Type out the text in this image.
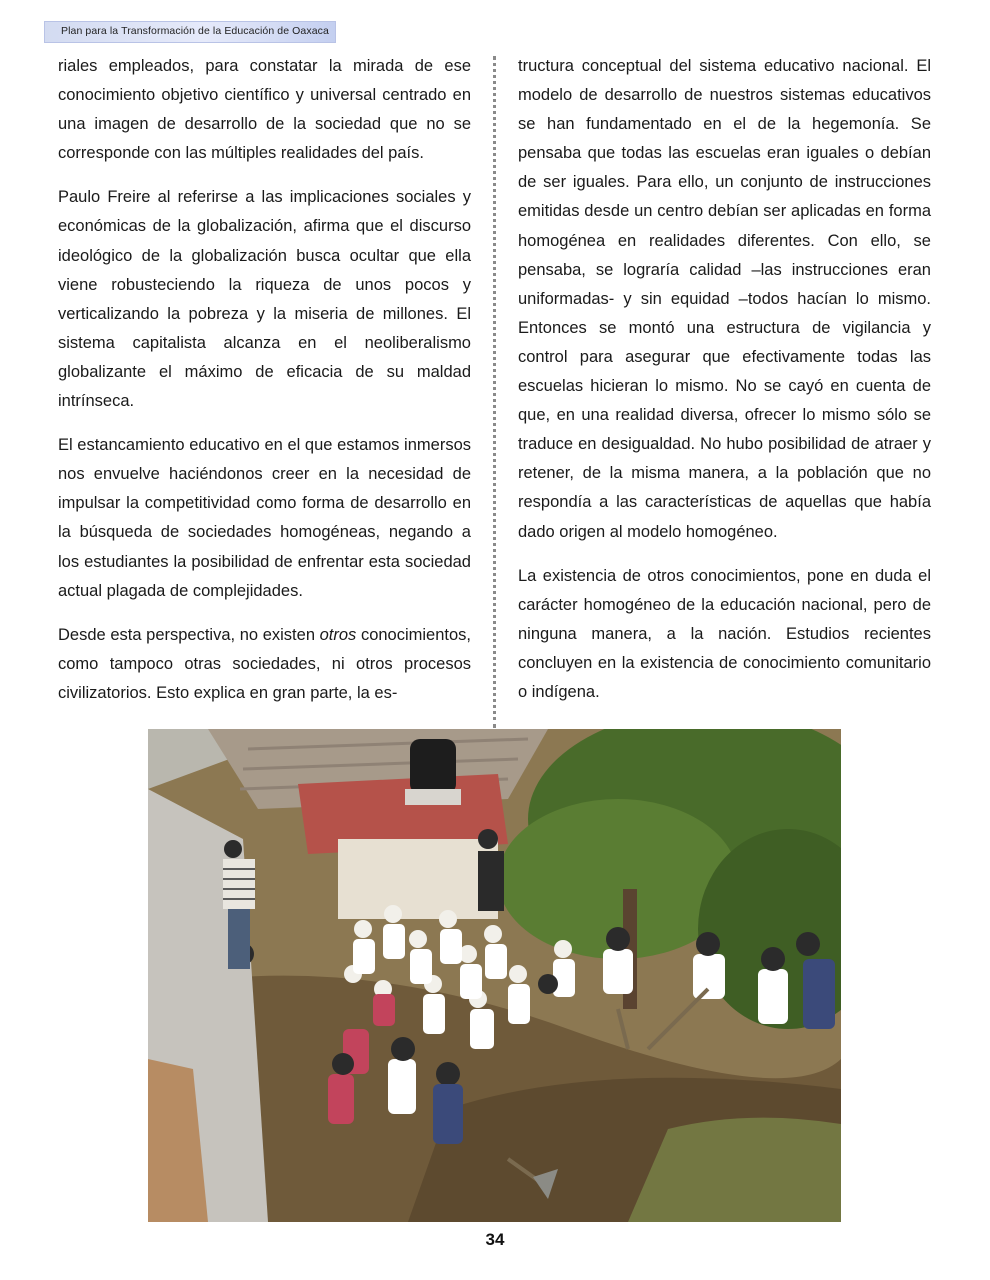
Plan para la Transformación de la Educación de Oaxaca

riales empleados, para constatar la mirada de ese conocimiento objetivo científico y universal centrado en una imagen de desarrollo de la sociedad que no se corresponde con las múltiples realidades del país.

Paulo Freire al referirse a las implicaciones sociales y económicas de la globalización, afirma que el discurso ideológico de la globalización busca ocultar que ella viene robusteciendo la riqueza de unos pocos y verticalizando la pobreza y la miseria de millones. El sistema capitalista alcanza en el neoliberalismo globalizante el máximo de eficacia de su maldad intrínseca.

El estancamiento educativo en el que estamos inmersos nos envuelve haciéndonos creer en la necesidad de impulsar la competitividad como forma de desarrollo en la búsqueda de sociedades homogéneas, negando a los estudiantes la posibilidad de enfrentar esta sociedad actual plagada de complejidades.

Desde esta perspectiva, no existen otros conocimientos, como tampoco otras sociedades, ni otros procesos civilizatorios. Esto explica en gran parte, la es-

tructura conceptual del sistema educativo nacional. El modelo de desarrollo de nuestros sistemas educativos se han fundamentado en el de la hegemonía. Se pensaba que todas las escuelas eran iguales o debían de ser iguales. Para ello, un conjunto de instrucciones emitidas desde un centro debían ser aplicadas en forma homogénea en realidades diferentes. Con ello, se pensaba, se lograría calidad –las instrucciones eran uniformadas- y sin equidad –todos hacían lo mismo. Entonces se montó una estructura de vigilancia y control para asegurar que efectivamente todas las escuelas hicieran lo mismo. No se cayó en cuenta de que, en una realidad diversa, ofrecer lo mismo sólo se traduce en desigualdad. No hubo posibilidad de atraer y retener, de la misma manera, a la población que no respondía a las características de aquellas que había dado origen al modelo homogéneo.

La existencia de otros conocimientos, pone en duda el carácter homogéneo de la educación nacional, pero de ninguna manera, a la nación. Estudios recientes concluyen en la existencia de conocimiento comunitario o indígena.

34
